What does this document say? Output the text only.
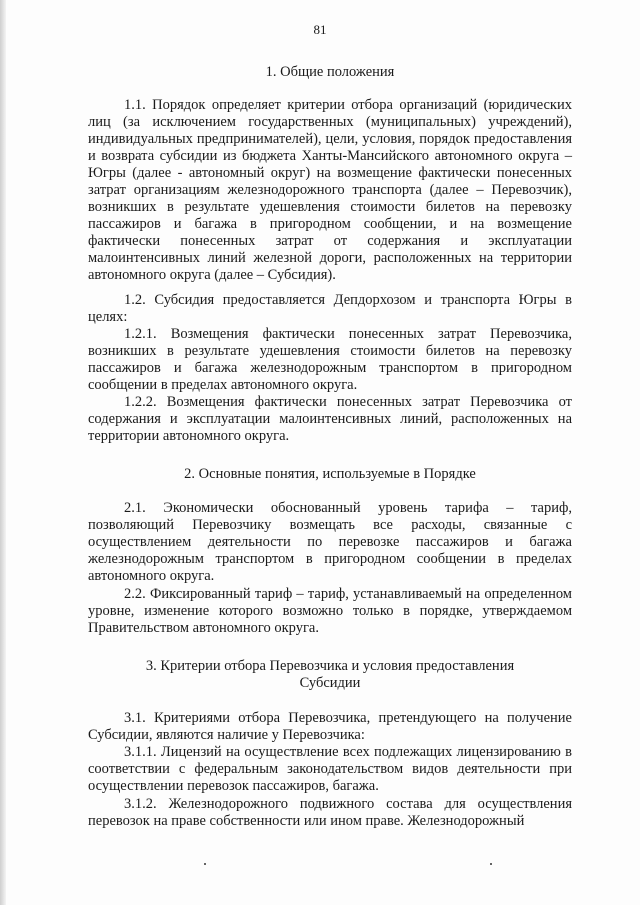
81
1. Общие положения

1.1. Порядок определяет критерии отбора организаций (юридических лиц (за исключением государственных (муниципальных) учреждений), индивидуальных предпринимателей), цели, условия, порядок предоставления и возврата субсидии из бюджета Ханты-Мансийского автономного округа – Югры (далее - автономный округ) на возмещение фактически понесенных затрат организациям железнодорожного транспорта (далее – Перевозчик), возникших в результате удешевления стоимости билетов на перевозку пассажиров и багажа в пригородном сообщении, и на возмещение фактически понесенных затрат от содержания и эксплуатации малоинтенсивных линий железной дороги, расположенных на территории автономного округа (далее – Субсидия).

1.2. Субсидия предоставляется Депдорхозом и транспорта Югры в целях:

1.2.1. Возмещения фактически понесенных затрат Перевозчика, возникших в результате удешевления стоимости билетов на перевозку пассажиров и багажа железнодорожным транспортом в пригородном сообщении в пределах автономного округа.

1.2.2. Возмещения фактически понесенных затрат Перевозчика от содержания и эксплуатации малоинтенсивных линий, расположенных на территории автономного округа.

2. Основные понятия, используемые в Порядке

2.1. Экономически обоснованный уровень тарифа – тариф, позволяющий Перевозчику возмещать все расходы, связанные с осуществлением деятельности по перевозке пассажиров и багажа железнодорожным транспортом в пригородном сообщении в пределах автономного округа.

2.2. Фиксированный тариф – тариф, устанавливаемый на определенном уровне, изменение которого возможно только в порядке, утверждаемом Правительством автономного округа.

3. Критерии отбора Перевозчика и условия предоставления
Субсидии

3.1. Критериями отбора Перевозчика, претендующего на получение Субсидии, являются наличие у Перевозчика:

3.1.1. Лицензий на осуществление всех подлежащих лицензированию в соответствии с федеральным законодательством видов деятельности при осуществлении перевозок пассажиров, багажа.

3.1.2. Железнодорожного подвижного состава для осуществления перевозок на праве собственности или ином праве. Железнодорожный
